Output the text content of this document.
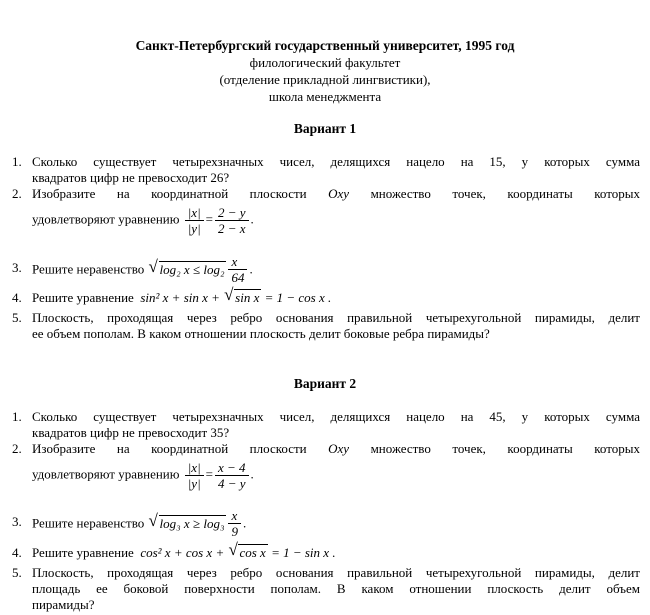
Санкт-Петербургский государственный университет, 1995 год
филологический факультет
(отделение прикладной лингвистики),
школа менеджмента
Вариант 1
1. Сколько существует четырехзначных чисел, делящихся нацело на 15, у которых сумма
квадратов цифр не превосходит 26?
2. Изобразите на координатной плоскости Oxy множество точек, координаты которых
удовлетворяют уравнению $\frac{|x|}{|y|} = \frac{2 - y}{2 - x}$ .
3. Решите неравенство √ log₂ $x \le \log_2 \frac{x}{64}$ .
4. Решите уравнение sin² x + sin x + √ sin x = 1 − cos x .
5. Плоскость, проходящая через ребро основания правильной четырехугольной пирамиды, делит
ее объем пополам. В каком отношении плоскость делит боковые ребра пирамиды?
Вариант 2
1. Сколько существует четырехзначных чисел, делящихся нацело на 45, у которых сумма
квадратов цифр не превосходит 35?
2. Изобразите на координатной плоскости Oxy множество точек, координаты которых
удовлетворяют уравнению $\frac{|x|}{|y|} = \frac{x - 4}{4 - y}$ .
3. Решите неравенство √ log₃ $x \ge \log_3 \frac{x}{9}$ .
4. Решите уравнение cos² x + cos x + √ cos x = 1 − sin x .
5. Плоскость, проходящая через ребро основания правильной четырехугольной пирамиды, делит
площадь ее боковой поверхности пополам. В каком отношении плоскость делит объем
пирамиды?
